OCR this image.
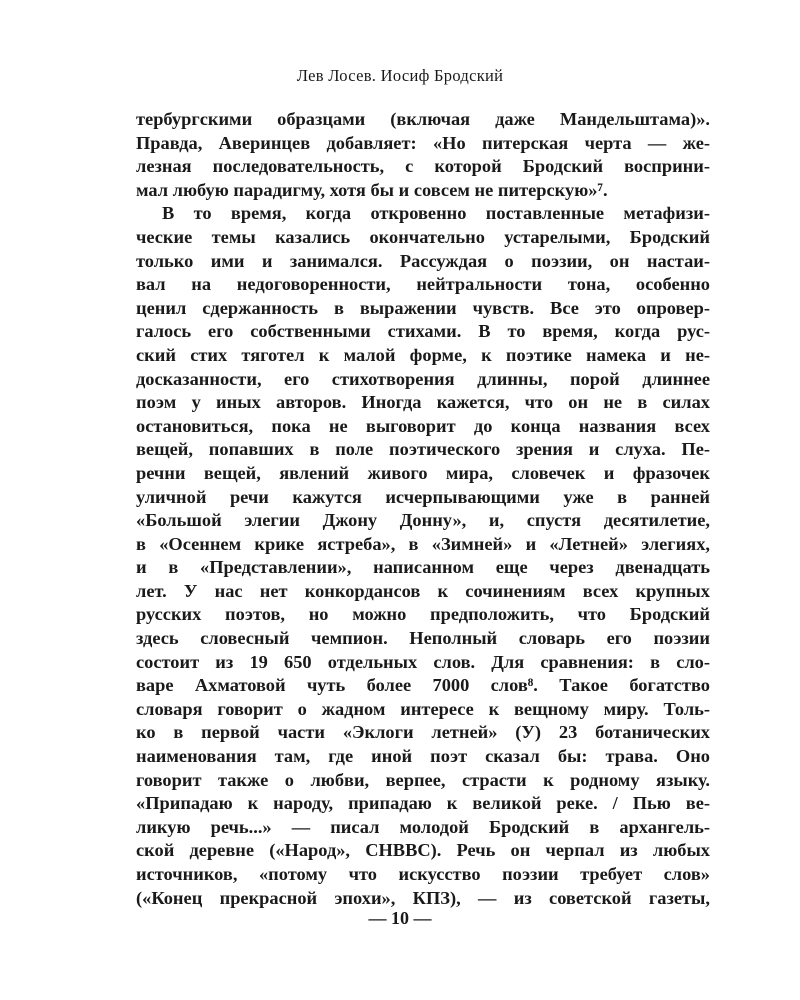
Лев Лосев. Иосиф Бродский
тербургскими образцами (включая даже Мандельштама)».
Правда, Аверинцев добавляет: «Но питерская черта — же-
лезная последовательность, с которой Бродский восприни-
мал любую парадигму, хотя бы и совсем не питерскую»⁷.
В то время, когда откровенно поставленные метафизи-
ческие темы казались окончательно устарелыми, Бродский
только ими и занимался. Рассуждая о поэзии, он настаи-
вал на недоговоренности, нейтральности тона, особенно
ценил сдержанность в выражении чувств. Все это опровер-
галось его собственными стихами. В то время, когда рус-
ский стих тяготел к малой форме, к поэтике намека и не-
досказанности, его стихотворения длинны, порой длиннее
поэм у иных авторов. Иногда кажется, что он не в силах
остановиться, пока не выговорит до конца названия всех
вещей, попавших в поле поэтического зрения и слуха. Пе-
речни вещей, явлений живого мира, словечек и фразочек
уличной речи кажутся исчерпывающими уже в ранней
«Большой элегии Джону Донну», и, спустя десятилетие,
в «Осеннем крике ястреба», в «Зимней» и «Летней» элегиях,
и в «Представлении», написанном еще через двенадцать
лет. У нас нет конкордансов к сочинениям всех крупных
русских поэтов, но можно предположить, что Бродский
здесь словесный чемпион. Неполный словарь его поэзии
состоит из 19 650 отдельных слов. Для сравнения: в сло-
варе Ахматовой чуть более 7000 слов⁸. Такое богатство
словаря говорит о жадном интересе к вещному миру. Толь-
ко в первой части «Эклоги летней» (У) 23 ботанических
наименования там, где иной поэт сказал бы: трава. Оно
говорит также о любви, верпее, страсти к родному языку.
«Припадаю к народу, припадаю к великой реке. / Пью ве-
ликую речь...» — писал молодой Бродский в архангель-
ской деревне («Народ», СНВВС). Речь он черпал из любых
источников, «потому что искусство поэзии требует слов»
(«Конец прекрасной эпохи», КПЗ), — из советской газеты,
— 10 —
